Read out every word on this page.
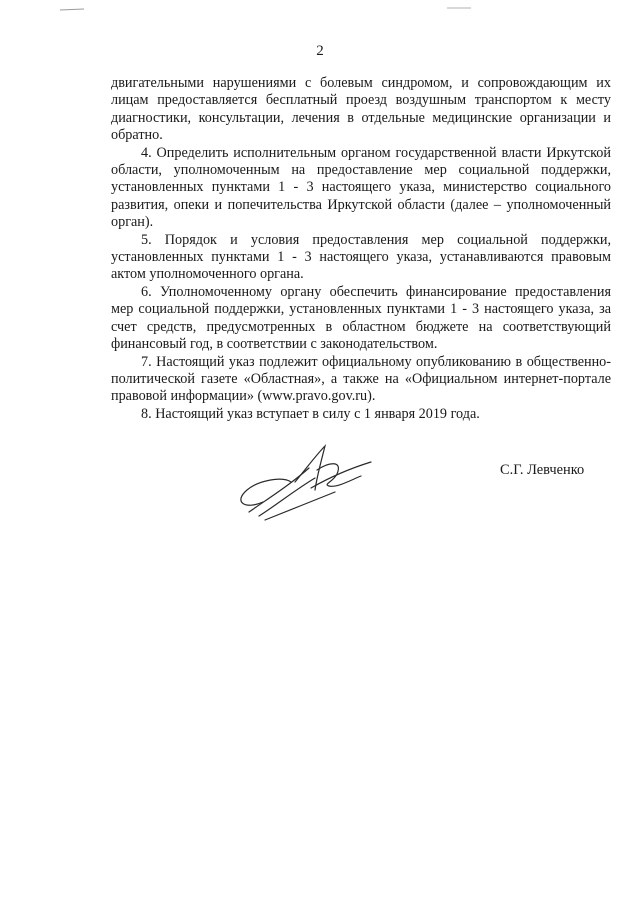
2

двигательными нарушениями с болевым синдромом, и сопровождающим их лицам предоставляется бесплатный проезд воздушным транспортом к месту диагностики, консультации, лечения в отдельные медицинские организации и обратно.

4. Определить исполнительным органом государственной власти Иркутской области, уполномоченным на предоставление мер социальной поддержки, установленных пунктами 1 - 3 настоящего указа, министерство социального развития, опеки и попечительства Иркутской области (далее – уполномоченный орган).

5. Порядок и условия предоставления мер социальной поддержки, установленных пунктами 1 - 3 настоящего указа, устанавливаются правовым актом уполномоченного органа.

6. Уполномоченному органу обеспечить финансирование предоставления мер социальной поддержки, установленных пунктами 1 - 3 настоящего указа, за счет средств, предусмотренных в областном бюджете на соответствующий финансовый год, в соответствии с законодательством.

7. Настоящий указ подлежит официальному опубликованию в общественно-политической газете «Областная», а также на «Официальном интернет-портале правовой информации» (www.pravo.gov.ru).

8. Настоящий указ вступает в силу с 1 января 2019 года.

С.Г. Левченко
